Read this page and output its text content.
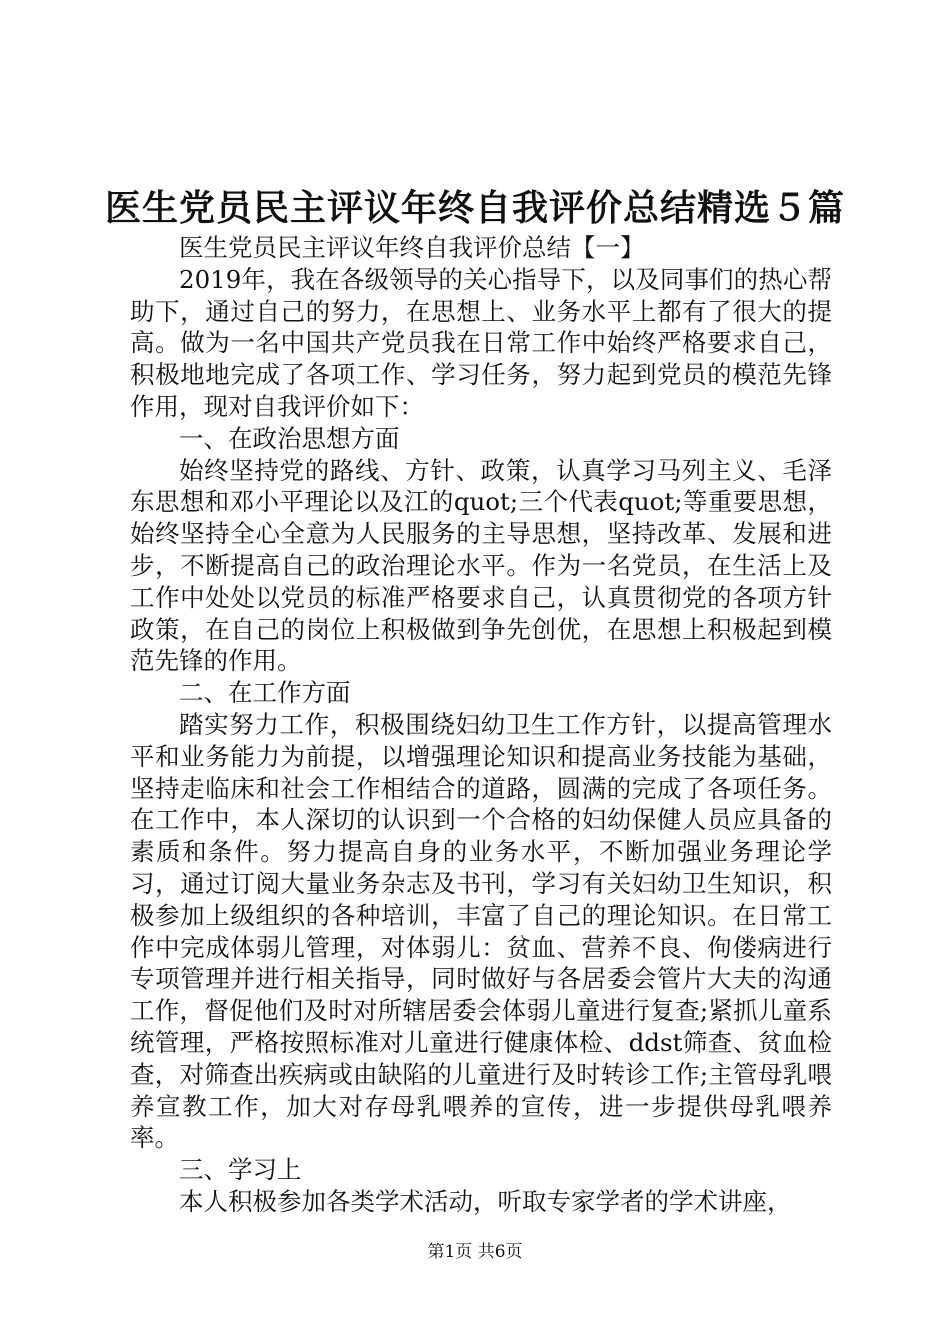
医生党员民主评议年终自我评价总结精选５篇

医生党员民主评议年终自我评价总结【一】

2019年，我在各级领导的关心指导下，以及同事们的热心帮助下，通过自己的努力，在思想上、业务水平上都有了很大的提高。做为一名中国共产党员我在日常工作中始终严格要求自己，积极地地完成了各项工作、学习任务，努力起到党员的模范先锋作用，现对自我评价如下：

一、在政治思想方面

始终坚持党的路线、方针、政策，认真学习马列主义、毛泽东思想和邓小平理论以及江的quot;三个代表quot;等重要思想，始终坚持全心全意为人民服务的主导思想，坚持改革、发展和进步，不断提高自己的政治理论水平。作为一名党员，在生活上及工作中处处以党员的标准严格要求自己，认真贯彻党的各项方针政策，在自己的岗位上积极做到争先创优，在思想上积极起到模范先锋的作用。

二、在工作方面

踏实努力工作，积极围绕妇幼卫生工作方针，以提高管理水平和业务能力为前提，以增强理论知识和提高业务技能为基础，坚持走临床和社会工作相结合的道路，圆满的完成了各项任务。在工作中，本人深切的认识到一个合格的妇幼保健人员应具备的素质和条件。努力提高自身的业务水平，不断加强业务理论学习，通过订阅大量业务杂志及书刊，学习有关妇幼卫生知识，积极参加上级组织的各种培训，丰富了自己的理论知识。在日常工作中完成体弱儿管理，对体弱儿：贫血、营养不良、佝偻病进行专项管理并进行相关指导，同时做好与各居委会管片大夫的沟通工作，督促他们及时对所辖居委会体弱儿童进行复查;紧抓儿童系统管理，严格按照标准对儿童进行健康体检、ddst筛查、贫血检查，对筛查出疾病或由缺陷的儿童进行及时转诊工作;主管母乳喂养宣教工作，加大对存母乳喂养的宣传，进一步提供母乳喂养率。

三、学习上

本人积极参加各类学术活动，听取专家学者的学术讲座，

第1页 共6页
